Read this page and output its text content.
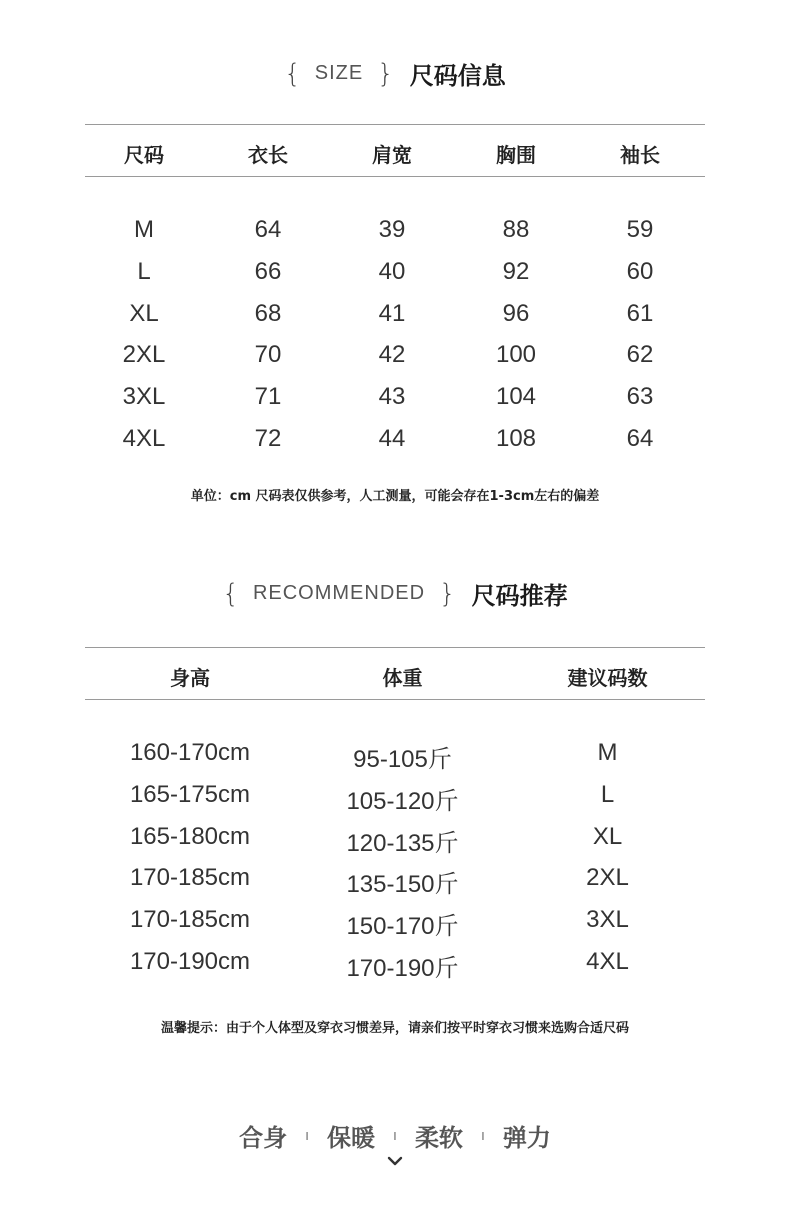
{ SIZE } 尺码信息
尺码	衣长	肩宽	胸围	袖长
M	64	39	88	59
L	66	40	92	60
XL	68	41	96	61
2XL	70	42	100	62
3XL	71	43	104	63
4XL	72	44	108	64
单位：cm 尺码表仅供参考，人工测量，可能会存在1-3cm左右的偏差
{ RECOMMENDED } 尺码推荐
身高	体重	建议码数
160-170cm	95-105斤	M
165-175cm	105-120斤	L
165-180cm	120-135斤	XL
170-185cm	135-150斤	2XL
170-185cm	150-170斤	3XL
170-190cm	170-190斤	4XL
温馨提示：由于个人体型及穿衣习惯差异，请亲们按平时穿衣习惯来选购合适尺码
合身	ı 保暖	ı 柔软	ı 弹力
